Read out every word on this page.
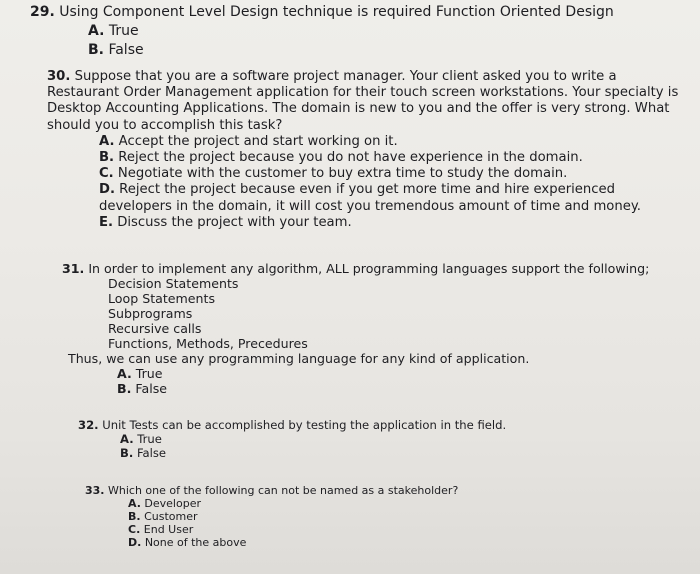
29. Using Component Level Design technique is required Function Oriented Design
A. True
B. False
30. Suppose that you are a software project manager. Your client asked you to write a
Restaurant Order Management application for their touch screen workstations. Your specialty is
Desktop Accounting Applications. The domain is new to you and the offer is very strong. What
should you to accomplish this task?
A. Accept the project and start working on it.
B. Reject the project because you do not have experience in the domain.
C. Negotiate with the customer to buy extra time to study the domain.
D. Reject the project because even if you get more time and hire experienced
developers in the domain, it will cost you tremendous amount of time and money.
E. Discuss the project with your team.
31. In order to implement any algorithm, ALL programming languages support the following;
Decision Statements
Loop Statements
Subprograms
Recursive calls
Functions, Methods, Precedures
Thus, we can use any programming language for any kind of application.
A. True
B. False
32. Unit Tests can be accomplished by testing the application in the field.
A. True
B. False
33. Which one of the following can not be named as a stakeholder?
A. Developer
B. Customer
C. End User
D. None of the above
